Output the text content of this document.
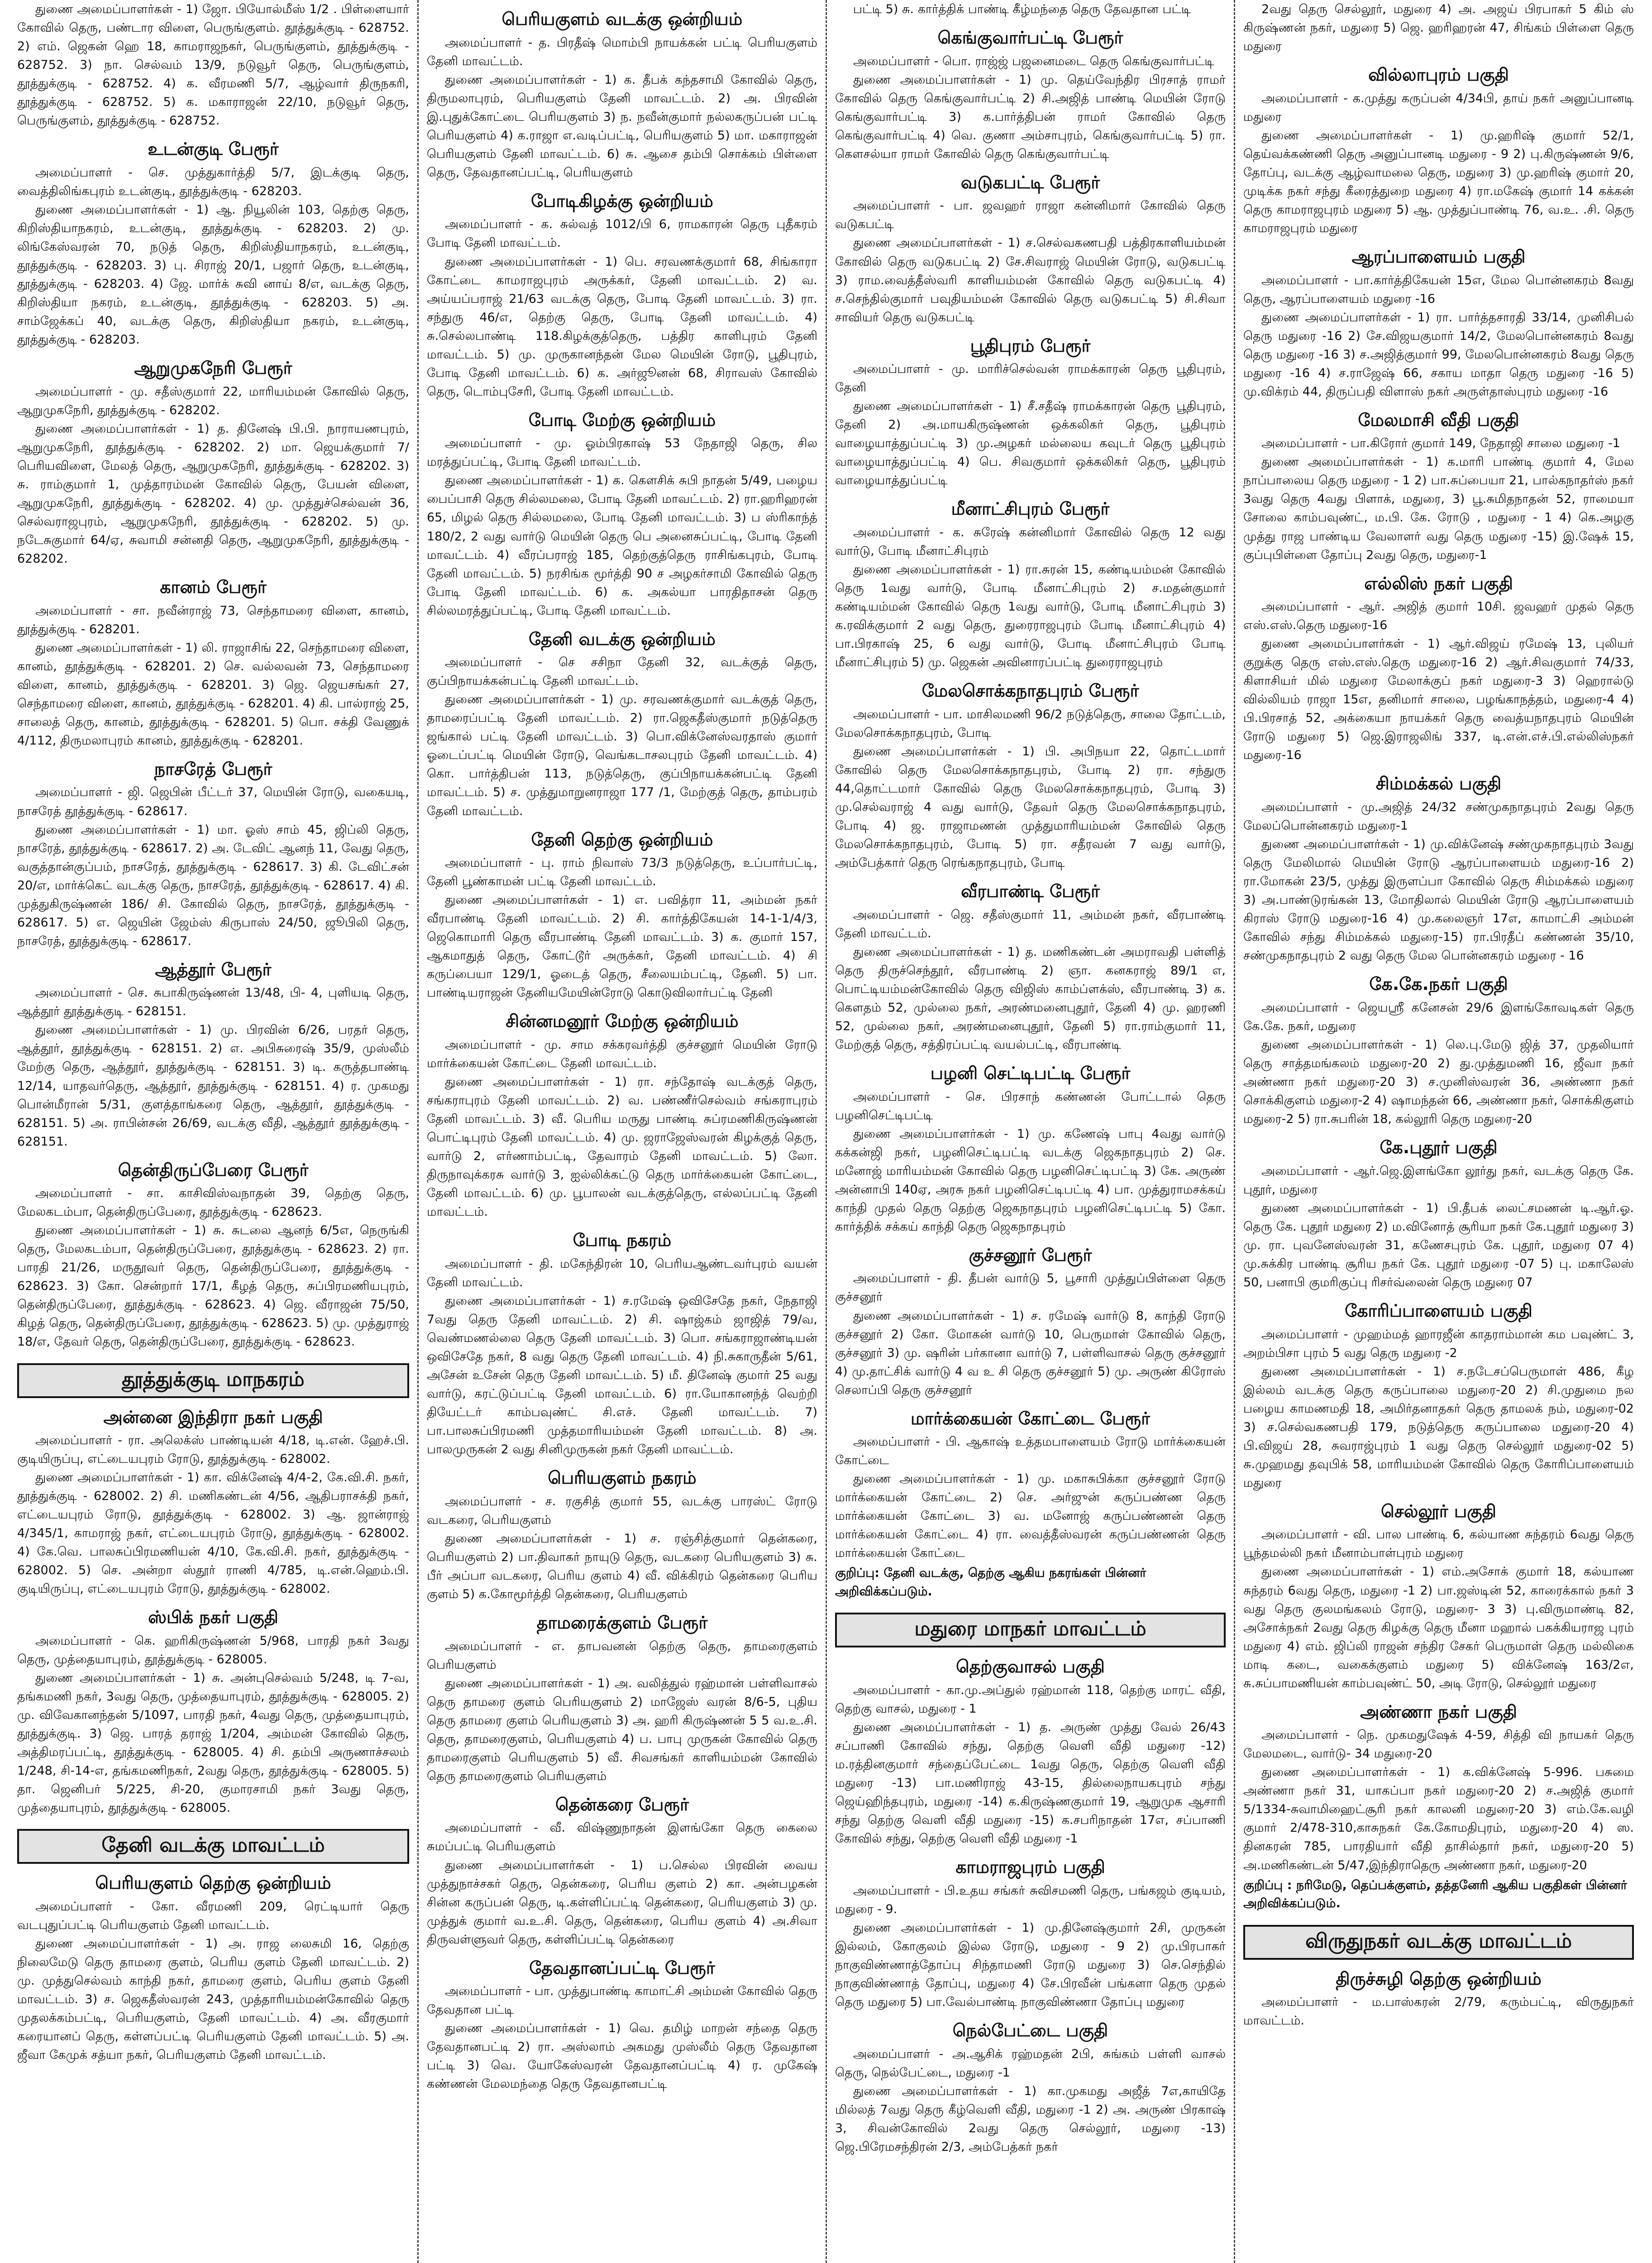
துணை அமைப்பாளர்கள் - 1) ஜோ. பியோல்மீஸ் 1/2 . பிள்ளையார் கோவில் தெரு, பண்டார விளை, பெருங்குளம். தூத்துக்குடி - 628752. 2) எம். ஜெகன் ஹெ 18, காமராஜநகர், பெருங்குளம், தூத்துக்குடி - 628752. 3) நா. செல்வம் 13/9, நடுவூர் தெரு, பெருங்குளம், தூத்துக்குடி - 628752. 4) க. வீரமணி 5/7, ஆழ்வார் திருநகரி, தூத்துக்குடி - 628752. 5) க. மகாராஜன் 22/10, நடுவூர் தெரு, பெருங்குளம், தூத்துக்குடி - 628752.

உடன்குடி பேரூர்

அமைப்பாளர் - செ. முத்துகார்த்தி 5/7, இடக்குடி தெரு, வைத்திலிங்கபுரம் உடன்குடி, தூத்துக்குடி - 628203.

துணை அமைப்பாளர்கள் - 1) ஆ. நியூலின் 103, தெற்கு தெரு, கிறிஸ்தியாநகரம், உடன்குடி, தூத்துக்குடி - 628203. 2) மு. லிங்கேஸ்வரன் 70, நடுத் தெரு, கிறிஸ்தியாநகரம், உடன்குடி, தூத்துக்குடி - 628203. 3) பு. சிராஜ் 20/1, பஜார் தெரு, உடன்குடி, தூத்துக்குடி - 628203. 4) ஜே. மார்க் சுவி னாய் 8/எ, வடக்கு தெரு, கிறிஸ்தியா நகரம், உடன்குடி, தூத்துக்குடி - 628203. 5) அ. சாம்ஜேக்கப் 40, வடக்கு தெரு, கிறிஸ்தியா நகரம், உடன்குடி, தூத்துக்குடி - 628203.

ஆறுமுகநேரி பேரூர்

அமைப்பாளர் - மு. சதீஸ்குமார் 22, மாரியம்மன் கோவில் தெரு, ஆறுமுகநேரி, தூத்துக்குடி - 628202.

துணை அமைப்பாளர்கள் - 1) த. தினேஷ் பி.பி. நாராயணபுரம், ஆறுமுகநேரி, தூத்துக்குடி - 628202. 2) மா. ஜெயக்குமார் 7/பெரியவிளை, மேலத் தெரு, ஆறுமுகநேரி, தூத்துக்குடி - 628202. 3) சு. ராம்குமார் 1, முத்தாரம்மன் கோவில் தெரு, பேயன் விளை, ஆறுமுகநேரி, தூத்துக்குடி - 628202. 4) மு. முத்துச்செல்வன் 36, செல்வராஜபுரம், ஆறுமுகநேரி, தூத்துக்குடி - 628202. 5) மு. நடேசுகுமார் 64/ஏ, சுவாமி சன்னதி தெரு, ஆறுமுகநேரி, தூத்துக்குடி - 628202.

கானம் பேரூர்

அமைப்பாளர் - சா. நவீன்ராஜ் 73, செந்தாமரை விளை, கானம், தூத்துக்குடி - 628201.

துணை அமைப்பாளர்கள் - 1) லி. ராஜாசிங் 22, செந்தாமரை விளை, கானம், தூத்துக்குடி - 628201. 2) செ. வல்லவன் 73, செந்தாமரை விளை, கானம், தூத்துக்குடி - 628201. 3) ஜெ. ஜெயசங்கர் 27, செந்தாமரை விளை, கானம், தூத்துக்குடி - 628201. 4) கி. பால்ராஜ் 25, சாலைத் தெரு, கானம், தூத்துக்குடி - 628201. 5) பொ. சக்தி வேணுக் 4/112, திருமலாபுரம் கானம், தூத்துக்குடி - 628201.

நாசரேத் பேரூர்

அமைப்பாளர் - ஜி. ஜெபின் பீட்டர் 37, மெயின் ரோடு, வகையடி, நாசரேத் தூத்துக்குடி - 628617.

துணை அமைப்பாளர்கள் - 1) மா. ஓஸ் சாம் 45, ஜிப்லி தெரு, நாசரேத், தூத்துக்குடி - 628617. 2) அ. டேவிட் ஆனந் 11, வேது தெரு, வகுத்தான்குப்பம், நாசரேத், தூத்துக்குடி - 628617. 3) கி. டேவிட்சன் 20/எ, மார்க்கெட் வடக்கு தெரு, நாசரேத், தூத்துக்குடி - 628617. 4) கி. முத்துகிருஷ்ணன் 186/ சி. கோவில் தெரு, நாசரேத், தூத்துக்குடி - 628617. 5) எ. ஜெயின் ஜேம்ஸ் கிருபாஸ் 24/50, ஜூபிலி தெரு, நாசரேத், தூத்துக்குடி - 628617.

ஆத்தூர் பேரூர்

அமைப்பாளர் - செ. சுபாகிருஷ்ணன் 13/48, பி- 4, புளியடி தெரு, ஆத்தூர் தூத்துக்குடி - 628151.

துணை அமைப்பாளர்கள் - 1) மு. பிரவின் 6/26, பரதர் தெரு, ஆத்தூர், தூத்துக்குடி - 628151. 2) எ. அபிசுரைஷ் 35/9, முஸ்லீம் மேற்கு தெரு, ஆத்தூர், தூத்துக்குடி - 628151. 3) டி. கருத்தபாண்டி 12/14, யாதவர்தெரு, ஆத்தூர், தூத்துக்குடி - 628151. 4) ர. முகமது பொன்மீரான் 5/31, குளத்தாங்கரை தெரு, ஆத்தூர், தூத்துக்குடி - 628151. 5) அ. ராபின்சன் 26/69, வடக்கு வீதி, ஆத்தூர் தூத்துக்குடி - 628151.

தென்திருப்பேரை பேரூர்

அமைப்பாளர் - சா. காசிவிஸ்வநாதன் 39, தெற்கு தெரு, மேலகடம்பா, தென்திருப்பேரை, தூத்துக்குடி - 628623.

துணை அமைப்பாளர்கள் - 1) சு. சுடலை ஆனந் 6/5எ, நெருங்கி தெரு, மேலகடம்பா, தென்திருப்பேரை, தூத்துக்குடி - 628623. 2) ரா. பாரதி 21/26, மருதூவர் தெரு, தென்திருப்பேரை, தூத்துக்குடி - 628623. 3) கோ. சென்றார் 17/1, கீழத் தெரு, சுப்பிரமணியபுரம், தென்திருப்பேரை, தூத்துக்குடி - 628623. 4) ஜெ. வீராஜன் 75/50, கிழத் தெரு, தென்திருப்பேரை, தூத்துக்குடி - 628623. 5) மு. முத்துராஜ் 18/எ, தேவர் தெரு, தென்திருப்பேரை, தூத்துக்குடி - 628623.

தூத்துக்குடி மாநகரம்
அன்னை இந்திரா நகர் பகுதி

அமைப்பாளர் - ரா. அலெக்ஸ் பாண்டியன் 4/18, டி.என். ஹேச்.பி. குடியிருப்பு, எட்டையபுரம் ரோடு, தூத்துக்குடி - 628002.

துணை அமைப்பாளர்கள் - 1) கா. விக்னேஷ் 4/4-2, கே.வி.சி. நகர், தூத்துக்குடி - 628002. 2) சி. மணிகண்டன் 4/56, ஆதிபராசக்தி நகர், எட்டையபுரம் ரோடு, தூத்துக்குடி - 628002. 3) ஆ. ஜான்ராஜ் 4/345/1, காமராஜ் நகர், எட்டையபுரம் ரோடு, தூத்துக்குடி - 628002. 4) கே.வெ. பாலசுப்பிரமணியன் 4/10, கே.வி.சி. நகர், தூத்துக்குடி - 628002. 5) செ. அன்றா ஸ்தூர் ராணி 4/785, டி.என்.ஹெம்.பி. குடியிருப்பு, எட்டையபுரம் ரோடு, தூத்துக்குடி - 628002.

ஸ்பிக் நகர் பகுதி

அமைப்பாளர் - கெ. ஹரிகிருஷ்ணன் 5/968, பாரதி நகர் 3வது தெரு, முத்தையாபுரம், தூத்துக்குடி - 628005.

துணை அமைப்பாளர்கள் - 1) சு. அன்புசெல்வம் 5/248, டி 7-வ, தங்கமணி நகர், 3வது தெரு, முத்தையாபுரம், தூத்துக்குடி - 628005. 2) மு. விவேகானந்தன் 5/1097, பாரதி நகர், 4வது தெரு, முத்தையாபுரம், தூத்துக்குடி. 3) ஜெ. பாரத் தராஜ் 1/204, அம்மன் கோவில் தெரு, அத்திமரப்பட்டி, தூத்துக்குடி - 628005. 4) சி. தம்பி அருணாச்சலம் 1/248, சி-14-எ, தங்கமணிநகர், 2வது தெரு, தூத்துக்குடி - 628005. 5) தா. ஜெனிபர் 5/225, சி-20, குமாரசாமி நகர் 3வது தெரு, முத்தையாபுரம், தூத்துக்குடி - 628005.

தேனி வடக்கு மாவட்டம்
பெரியகுளம் தெற்கு ஒன்றியம்

அமைப்பாளர் - கோ. வீரமணி 209, ரெட்டியார் தெரு வடபுதுப்பட்டி பெரியகுளம் தேனி மாவட்டம்.

துணை அமைப்பாளர்கள் - 1) அ. ராஜ லைசுமி 16, தெற்கு நிலைமேடு தெரு தாமரை குளம், பெரிய குளம் தேனி மாவட்டம். 2) மு. முத்துசெல்வம் காந்தி நகர், தாமரை குளம், பெரிய குளம் தேனி மாவட்டம். 3) ச. ஜெகதீஸ்வரன் 243, முத்தாரியம்மன்கோவில் தெரு முதலக்கம்பட்டி, பெரியகுளம், தேனி மாவட்டம். 4) அ. வீரகுமார் கரையானப் தெரு, கள்ளப்பட்டி பெரியகுளம் தேனி மாவட்டம். 5) அ. ஜீவா கேமுக் சத்யா நகர், பெரியகுளம் தேனி மாவட்டம்.

பெரியகுளம் வடக்கு ஒன்றியம்

அமைப்பாளர் - த. பிரதீஷ் மொம்பி நாயக்கன் பட்டி பெரியகுளம் தேனி மாவட்டம்.

துணை அமைப்பாளர்கள் - 1) க. தீபக் கந்தசாமி கோவில் தெரு, திருமலாபுரம், பெரியகுளம் தேனி மாவட்டம். 2) அ. பிரவின் இ.புதுக்கோட்டை பெரியகுளம் 3) ந. நவீன்குமார் நல்லகருப்பன் பட்டி பெரியகுளம் 4) க.ராஜா எ.வடிப்பட்டி, பெரியகுளம் 5) மா. மகாராஜன் பெரியகுளம் தேனி மாவட்டம். 6) சு. ஆசை தம்பி சொக்கம் பிள்ளை தெரு, தேவதானப்பட்டி, பெரியகுளம்

போடிகிழக்கு ஒன்றியம்

அமைப்பாளர் - க. சுல்வத் 1012/பி 6, ராமகாரன் தெரு புதீகரம் போடி தேனி மாவட்டம்.

துணை அமைப்பாளர்கள் - 1) பெ. சரவணக்குமார் 68, சிங்காரா கோட்டை காமராஜபுரம் அருக்கர், தேனி மாவட்டம். 2) வ. அய்யப்பராஜ் 21/63 வடக்கு தெரு, போடி தேனி மாவட்டம். 3) ரா. சந்துரு 46/எ, தெற்கு தெரு, போடி தேனி மாவட்டம். 4) சு.செல்லபாண்டி 118.கிழக்குத்தெரு, பத்திர காளிபுரம் தேனி மாவட்டம். 5) மு. முருகானந்தன் மேல மெயின் ரோடு, பூதிபுரம், போடி தேனி மாவட்டம். 6) க. அர்ஜூனன் 68, சிராவஸ் கோவில் தெரு, டொம்புசேரி, போடி தேனி மாவட்டம்.

போடி மேற்கு ஒன்றியம்

அமைப்பாளர் - மு. ஓம்பிரகாஷ் 53 நேதாஜி தெரு, சில மரத்துப்பட்டி, போடி தேனி மாவட்டம்.

துணை அமைப்பாளர்கள் - 1) க. கௌசிக் சுபி நாதன் 5/49, பழைய பைப்பாசி தெரு சில்லமலை, போடி தேனி மாவட்டம். 2) ரா.ஹரிஹரன் 65, மிழல் தெரு சில்லமலை, போடி தேனி மாவட்டம். 3) ப ஸ்ரிகாந்த் 180/2, 2 வது வார்டு மெயின் தெரு பெ அனைசுப்பட்டி, போடி தேனி மாவட்டம். 4) வீரப்பராஜ் 185, தெற்குத்தெரு ராசிங்கபுரம், போடி தேனி மாவட்டம். 5) நரசிங்க மூர்த்தி 90 ச அழகர்சாமி கோவில் தெரு போடி தேனி மாவட்டம். 6) க. அகல்யா பாரதிதாசன் தெரு சில்லமரத்துப்பட்டி, போடி தேனி மாவட்டம்.

தேனி வடக்கு ஒன்றியம்

அமைப்பாளர் - செ சசிநா தேனி 32, வடக்குத் தெரு, குப்பிநாயக்கன்பட்டி தேனி மாவட்டம்.

துணை அமைப்பாளர்கள் - 1) மு. சரவணக்குமார் வடக்குத் தெரு, தாமரைப்பட்டி தேனி மாவட்டம். 2) ரா.ஜெகதீஸ்குமார் நடுத்தெரு ஜங்கால் பட்டி தேனி மாவட்டம். 3) பொ.விக்னேஸ்வரதாஸ் குமார் ஓடைப்பட்டி மெயின் ரோடு, வெங்கடாசலபுரம் தேனி மாவட்டம். 4) கொ. பார்த்திபன் 113, நடுத்தெரு, குப்பிநாயக்கன்பட்டி தேனி மாவட்டம். 5) ச. முத்துமாறுனராஜா 177 /1, மேற்குத் தெரு, தாம்பரம் தேனி மாவட்டம்.

தேனி தெற்கு ஒன்றியம்

அமைப்பாளர் - பு. ராம் நிவாஸ் 73/3 நடுத்தெரு, உப்பார்பட்டி, தேனி பூண்காமன் பட்டி தேனி மாவட்டம்.

துணை அமைப்பாளர்கள் - 1) எ. பவித்ரா 11, அம்மன் நகர் வீரபாண்டி தேனி மாவட்டம். 2) சி. கார்த்திகேயன் 14-1-1/4/3, ஜெகொமாரி தெரு வீரபாண்டி தேனி மாவட்டம். 3) க. குமார் 157, ஆகமாதுத் தெரு, கோட்டூர் அருக்கர், தேனி மாவட்டம். 4) சி கருப்பையா 129/1, ஓடைத் தெரு, சீலையம்பட்டி, தேனி. 5) பா. பாண்டியராஜன் தேனியமேயின்ரோடு கொடுவிலார்பட்டி தேனி

சின்னமனூர் மேற்கு ஒன்றியம்

அமைப்பாளர் - மு. சாம சக்கரவர்த்தி குச்சனூர் மெயின் ரோடு மார்க்கையன் கோட்டை தேனி மாவட்டம்.

துணை அமைப்பாளர்கள் - 1) ரா. சந்தோஷ் வடக்குத் தெரு, சங்கராபுரம் தேனி மாவட்டம். 2) வ. பண்ணீர்செல்வம் சங்கராபுரம் தேனி மாவட்டம். 3) வீ. பெரிய மருது பாண்டி சுப்ரமணிகிருஷ்ணன் பொட்டிபுரம் தேனி மாவட்டம். 4) மு. ஜராஜேஸ்வரன் கிழக்குத் தெரு, வார்டு 2, எர்ணாம்பட்டி, தேவாரம் தேனி மாவட்டம். 5) லோ. திருநாவுக்கரசு வார்டு 3, ஐல்லிக்கட்டு தெரு மார்க்கையன் கோட்டை, தேனி மாவட்டம். 6) மு. பூபாலன் வடக்குத்தெரு, எல்லப்பட்டி தேனி மாவட்டம்.

போடி நகரம்

அமைப்பாளர் - தி. மகேந்திரன் 10, பெரியஆண்டவர்புரம் வயன் தேனி மாவட்டம்.

துணை அமைப்பாளர்கள் - 1) ச.ரமேஷ் ஒவிசேதே நகர், நேதாஜி 7வது தெரு தேனி மாவட்டம். 2) சி. ஷாஜ்கம் ஜாஜித் 79/வ, வெண்மணல்லை தெரு தேனி மாவட்டம். 3) பொ. சங்கராஜாண்டியன் ஒவிசேதே நகர், 8 வது தெரு தேனி மாவட்டம். 4) நி.சுகாருதீன் 5/61, அசேன் உசேன் தெரு தேனி மாவட்டம். 5) மீ. தினேஷ் குமார் 25 வது வார்டு, கரட்டுப்பட்டி தேனி மாவட்டம். 6) ரா.யோகானந்த் வெற்றி தியேட்டர் காம்பவுண்ட் சி.எச். தேனி மாவட்டம். 7) பா.பாலசுப்பிரமணி முத்தமாரியம்மன் தேனி மாவட்டம். 8) அ. பாலமுருகன் 2 வது சினிமுருகன் நகர் தேனி மாவட்டம்.

பெரியகுளம் நகரம்

அமைப்பாளர் - ச. ரகுசித் குமார் 55, வடக்கு பாரஸ்ட் ரோடு வடகரை, பெரியகுளம்

துணை அமைப்பாளர்கள் - 1) ச. ரஞ்சித்குமார் தென்கரை, பெரியகுளம் 2) பா.திவாகர் நாயுடு தெரு, வடகரை பெரியகுளம் 3) சு. பீர் அப்பா வடகரை, பெரிய குளம் 4) வீ. விக்கிரம் தென்கரை பெரிய குளம் 5) க.கோமூர்த்தி தென்கரை, பெரியகுளம்

தாமரைக்குளம் பேரூர்

அமைப்பாளர் - எ. தாபவனன் தெற்கு தெரு, தாமரைகுளம் பெரியகுளம்

துணை அமைப்பாளர்கள் - 1) அ. வலித்துல் ரஹ்மான் பள்ளிவாசல் தெரு தாமரை குளம் பெரியகுளம் 2) மாஜேஸ் வரன் 8/6-5, புதிய தெரு தாமரை குளம் பெரியகுளம் 3) அ. ஹரி கிருஷ்ணன் 5 5 வ.உ.சி. தெரு, தாமரைகுளம், பெரியகுளம் 4) ப. பாபு முருகன் கோவில் தெரு தாமரைகுளம் பெரியகுளம் 5) வீ. சிவசங்கர் காளியம்மன் கோவில் தெரு தாமரைகுளம் பெரியகுளம்

தென்கரை பேரூர்

அமைப்பாளர் - வீ. விஷ்ணுநாதன் இளங்கோ தெரு கைலை சுமப்பட்டி பெரியகுளம்

துணை அமைப்பாளர்கள் - 1) ப.செல்ல பிரவின் வைய முத்துநாச்சகர் தெரு, தென்கரை, பெரிய குளம் 2) கா. அன்பழகன் சின்ன கருப்பன் தெரு, டி.கள்ளிப்பட்டி தென்கரை, பெரியகுளம் 3) மு. முத்துக் குமார் வ.உ.சி. தெரு, தென்கரை, பெரிய குளம் 4) அ.சிவா திருவள்ளுவர் தெரு, கள்ளிப்பட்டி தென்கரை

தேவதானப்பட்டி பேரூர்

அமைப்பாளர் - பா. முத்துபாண்டி காமாட்சி அம்மன் கோவில் தெரு தேவதான பட்டி

துணை அமைப்பாளர்கள் - 1) வெ. தமிழ் மாறன் சந்தை தெரு தேவதானபட்டி 2) ரா. அஸ்லாம் அகமது முஸ்லீம் தெரு தேவதான பட்டி 3) வெ. யோகேஸ்வரன் தேவதானப்பட்டி 4) ர. முகேஷ் கண்ணன் மேலமந்தை தெரு தேவதானபட்டி

பட்டி 5) சு. கார்த்திக் பாண்டி கீழ்மந்தை தெரு தேவதான பட்டி

கெங்குவார்பட்டி பேரூர்

அமைப்பாளர் - பொ. ராஜ்ஜ் பஜனைமடை தெரு கெங்குவார்பட்டி

துணை அமைப்பாளர்கள் - 1) மு. தெய்வேந்திர பிரசாத் ராமர் கோவில் தெரு கெங்குவார்பட்டி 2) சி.அஜித் பாண்டி மெயின் ரோடு கெங்குவார்பட்டி 3) க.பார்த்திபன் ராமர் கோவில் தெரு கெங்குவார்பட்டி 4) வெ. குணா அம்சாபுரம், கெங்குவார்பட்டி 5) ரா. கௌசல்யா ராமர் கோவில் தெரு கெங்குவார்பட்டி

வடுகபட்டி பேரூர்

அமைப்பாளர் - பா. ஜவஹர் ராஜா கன்னிமார் கோவில் தெரு வடுகபட்டி

துணை அமைப்பாளர்கள் - 1) ச.செல்வகணபதி பத்திரகாளியம்மன் கோவில் தெரு வடுகபட்டி 2) சே.சிவராஜ் மெயின் ரோடு, வடுகபட்டி 3) ராம.வைத்தீஸ்வரி காளியம்மன் கோவில் தெரு வடுகபட்டி 4) ச.செந்தில்குமார் பவுதியம்மன் கோவில் தெரு வடுகபட்டி 5) சி.சிவா சாவியர் தெரு வடுகபட்டி

பூதிபுரம் பேரூர்

அமைப்பாளர் - மு. மாரிச்செல்வன் ராமக்காரன் தெரு பூதிபுரம், தேனி

துணை அமைப்பாளர்கள் - 1) சீ.சதீஷ் ராமக்காரன் தெரு பூதிபுரம், தேனி 2) அ.மாயகிருஷ்ணன் ஒக்கலிகர் தெரு, பூதிபுரம் வாழையாத்துப்பட்டி 3) மு.அழகர் மல்லைய கவுடர் தெரு பூதிபுரம் வாழையாத்துப்பட்டி 4) பெ. சிவகுமார் ஒக்கலிகர் தெரு, பூதிபுரம் வாழையாத்துப்பட்டி

மீனாட்சிபுரம் பேரூர்

அமைப்பாளர் - க. சுரேஷ் கன்னிமார் கோவில் தெரு 12 வது வார்டு, போடி மீனாட்சிபுரம்

துணை அமைப்பாளர்கள் - 1) ரா.சுரன் 15, கண்டியம்மன் கோவில் தெரு 1வது வார்டு, போடி மீனாட்சிபுரம் 2) ச.மதன்குமார் கண்டியம்மன் கோவில் தெரு 1வது வார்டு, போடி மீனாட்சிபுரம் 3) க.ரவிக்குமார் 2 வது தெரு, துரைராஜபுரம் போடி மீனாட்சிபுரம் 4) பா.பிரகாஷ் 25, 6 வது வார்டு, போடி மீனாட்சிபுரம் போடி மீனாட்சிபுரம் 5) மு. ஜெகன் அவினாரப்பட்டி துரைராஜபுரம்

மேலசொக்கநாதபுரம் பேரூர்

அமைப்பாளர் - பா. மாசிலமணி 96/2 நடுத்தெரு, சாலை தோட்டம், மேலசொக்கநாதபுரம், போடி

துணை அமைப்பாளர்கள் - 1) பி. அபிநயா 22, தொட்டமார் கோவில் தெரு மேலசொக்கநாதபுரம், போடி 2) ரா. சந்துரு 44,தொட்டமார் கோவில் தெரு மேலசொக்கநாதபுரம், போடி 3) மு.செல்வராஜ் 4 வது வார்டு, தேவர் தெரு மேலசொக்கநாதபுரம், போடி 4) ஜ. ராஜாமணன் முத்துமாரியம்மன் கோவில் தெரு மேலசொக்கநாதபுரம், போடி 5) ரா. சதீரவன் 7 வது வார்டு, அம்பேத்கார் தெரு ரெங்கநாதபுரம், போடி

வீரபாண்டி பேரூர்

அமைப்பாளர் - ஜெ. சதீஸ்குமார் 11, அம்மன் நகர், வீரபாண்டி தேனி மாவட்டம்.

துணை அமைப்பாளர்கள் - 1) த. மணிகண்டன் அமராவதி பள்ளித் தெரு திருச்செந்தூர், வீரபாண்டி 2) ஞா. கனகராஜ் 89/1 எ, பொட்டியம்மன்கோவில் தெரு விஜிஸ் காம்ப்ளக்ஸ், வீரபாண்டி 3) க. கௌதம் 52, முல்லை நகர், அரண்மனைபுதூர், தேனி 4) மு. ஹரணி 52, முல்லை நகர், அரண்மனைபுதூர், தேனி 5) ரா.ராம்குமார் 11, மேற்குத் தெரு, சத்திரப்பட்டி வயல்பட்டி, வீரபாண்டி

பழனி செட்டிபட்டி பேரூர்

அமைப்பாளர் - செ. பிரசாந் கண்ணன் போட்டால் தெரு பழனிசெட்டிபட்டி

துணை அமைப்பாளர்கள் - 1) மு. கணேஷ் பாபு 4வது வார்டு கக்கன்ஜி நகர், பழனிசெட்டிபட்டி வடக்கு ஜெகநாதபுரம் 2) செ. மனோஜ் மாரியம்மன் கோவில் தெரு பழனிசெட்டிபட்டி 3) கே. அருண் அன்னாபி 140ஏ, அரசு நகர் பழனிசெட்டிபட்டி 4) பா. முத்துராமசக்கய் காந்தி முதல் தெரு தெற்கு ஜெகநாதபுரம் பழனிசெட்டிபட்டி 5) கோ. கார்த்திக் சக்கய் காந்தி தெரு ஜெகநாதபுரம்

குச்சனூர் பேரூர்

அமைப்பாளர் - தி. தீபன் வார்டு 5, பூசாரி முத்துப்பிள்ளை தெரு குச்சனூர்

துணை அமைப்பாளர்கள் - 1) ச. ரமேஷ் வார்டு 8, காந்தி ரோடு குச்சனூர் 2) கோ. மோகன் வார்டு 10, பெருமாள் கோவில் தெரு, குச்சனூர் 3) மு. ஷரின் பர்கானா வார்டு 7, பள்ளிவாசல் தெரு குச்சனூர் 4) மு.தாட்சிக் வார்டு 4 வ உ சி தெரு குச்சனூர் 5) மு. அருண் கிரோஸ் செலாப்பி தெரு குச்சனூர்

மார்க்கையன் கோட்டை பேரூர்

அமைப்பாளர் - பி. ஆகாஷ் உத்தமபாளையம் ரோடு மார்க்கையன் கோட்டை

துணை அமைப்பாளர்கள் - 1) மு. மகாசுபிக்கா குச்சனூர் ரோடு மார்க்கையன் கோட்டை 2) செ. அர்ஜுன் கருப்பண்ண தெரு மார்க்கையன் கோட்டை 3) வ. மனோஜ் கருப்பண்ணன் தெரு மார்க்கையன் கோட்டை 4) ரா. வைத்தீஸ்வரன் கருப்பண்ணன் தெரு மார்க்கையன் கோட்டை

குறிப்பு: தேனி வடக்கு, தெற்கு ஆகிய நகரங்கள் பின்னர் அறிவிக்கப்படும்.

மதுரை மாநகர் மாவட்டம்
தெற்குவாசல் பகுதி

அமைப்பாளர் - கா.மு.அப்துல் ரஹ்மான் 118, தெற்கு மாரட் வீதி, தெற்கு வாசல், மதுரை - 1

துணை அமைப்பாளர்கள் - 1) த. அருண் முத்து வேல் 26/43 சப்பாணி கோவில் சந்து, தெற்கு வெளி வீதி மதுரை -12) ம.ரத்தினகுமார் சந்தைப்பேட்டை 1வது தெரு, தெற்கு வெளி வீதி மதுரை -13) பா.மணிராஜ் 43-15, தில்லைநாயகபுரம் சந்து ஜெய்ஹிந்தபுரம், மதுரை -14) க.கிருஷ்ணகுமார் 19, ஆறுமுக ஆசாரி சந்து தெற்கு வெளி வீதி மதுரை -15) க.சபரிநாதன் 17எ, சப்பாணி கோவில் சந்து, தெற்கு வெளி வீதி மதுரை -1

காமராஜபுரம் பகுதி

அமைப்பாளர் - பி.உதய சங்கர் சுவிசமணி தெரு, பங்கஜம் குடியம், மதுரை - 9.

துணை அமைப்பாளர்கள் - 1) மு.தினேஷ்குமார் 2சி, முருகன் இல்லம், கோகுலம் இல்ல ரோடு, மதுரை - 9 2) மு.பிரபாகர் நாகுவிண்ணாத்தோப்பு சிந்தாமணி ரோடு மதுரை 3) செ.செந்தில் நாகுவிண்ணாத் தோப்பு, மதுரை 4) சே.பிரவீன் பங்களா தெரு முதல் தெரு மதுரை 5) பா.வேல்பாண்டி நாகுவிண்ணா தோப்பு மதுரை

நெல்பேட்டை பகுதி

அமைப்பாளர் - அ.ஆசிக் ரஹ்மதன் 2பி, சுங்கம் பள்ளி வாசல் தெரு, நெல்பேட்டை, மதுரை -1

துணை அமைப்பாளர்கள் - 1) கா.முகமது அஜீத் 7எ,காயிதே மில்லத் 7வது தெரு கீழ்வெளி வீதி, மதுரை -1 2) அ. அருண் பிரகாஷ் 3, சிவன்கோவில் 2வது தெரு செல்லூர், மதுரை -13) ஜெ.பிரேமசந்திரன் 2/3, அம்பேத்கர் நகர்

2வது தெரு செல்லூர், மதுரை 4) அ. அஜய் பிரபாகர் 5 கிம் ஸ் கிருஷ்ணன் நகர், மதுரை 5) ஜெ. ஹரிஹரன் 47, சிங்கம் பிள்ளை தெரு மதுரை

வில்லாபுரம் பகுதி

அமைப்பாளர் - க.முத்து கருப்பன் 4/34பி, தாய் நகர் அனுப்பானடி மதுரை

துணை அமைப்பாளர்கள் - 1) மு.ஹரிஷ் குமார் 52/1, தெய்வக்கண்ணி தெரு அனுப்பானடி மதுரை - 9 2) பு.கிருஷ்ணன் 9/6, தோப்பு, வடக்கு ஆழ்வாமலை தெரு, மதுரை 3) மு.ஹரிஷ் குமார் 20, முடிக்க நகர் சந்து கீரைத்துறை மதுரை 4) ரா.மகேஷ் குமார் 14 கக்கன் தெரு காமராஜபுரம் மதுரை 5) ஆ. முத்துப்பாண்டி 76, வ.உ. .சி. தெரு காமராஜபுரம் மதுரை

ஆரப்பாளையம் பகுதி

அமைப்பாளர் - பா.கார்த்திகேயன் 15எ, மேல பொன்னகரம் 8வது தெரு, ஆரப்பாளையம் மதுரை -16

துணை அமைப்பாளர்கள் - 1) ரா. பார்த்தசாரதி 33/14, முனிசிபல் தெரு மதுரை -16 2) சே.விஜயகுமார் 14/2, மேலபொன்னகரம் 8வது தெரு மதுரை -16 3) ச.அஜித்குமார் 99, மேலபொன்னகரம் 8வது தெரு மதுரை -16 4) ச.ராஜேஷ் 66, சகாய மாதா தெரு மதுரை -16 5) மு.விக்ரம் 44, திருப்பதி விளாஸ் நகர் அருள்தாஸ்புரம் மதுரை -16

மேலமாசி வீதி பகுதி

அமைப்பாளர் - பா.கிரோர் குமார் 149, நேதாஜி சாலை மதுரை -1

துணை அமைப்பாளர்கள் - 1) க.மாரி பாண்டி குமார் 4, மேல நாப்பாலைய தெரு மதுரை - 1 2) பா.சுப்பையா 21, பால்கநாதர்ஸ் நகர் 3வது தெரு 4வது பிளாக், மதுரை, 3) பூ.சுமிதநாதன் 52, ராமையா சோலை காம்பவுண்ட், ம.பி. கே. ரோடு , மதுரை - 1 4) கெ.அழகு முத்து ராஜ பாண்டிய வேலாளர் வது தெரு மதுரை -15) இ.ஷேக் 15, குப்புபிள்ளை தோப்பு 2வது தெரு, மதுரை-1

எல்லிஸ் நகர் பகுதி

அமைப்பாளர் - ஆர். அஜித் குமார் 10சி. ஜவஹர் முதல் தெரு எஸ்.எஸ்.தெரு மதுரை-16

துணை அமைப்பாளர்கள் - 1) ஆர்.விஜய் ரமேஷ் 13, புலியர் குறுக்கு தெரு எஸ்.எஸ்.தெரு மதுரை-16 2) ஆர்.சிவகுமார் 74/33, கிளாசியர் மில் மதுரை மேலாக்குப் நகர் மதுரை-3 3) ஹெரால்டு வில்லியம் ராஜா 15எ, தனிமார் சாலை, பழங்காநத்தம், மதுரை-4 4) பி.பிரசாத் 52, அக்கையா நாயக்கர் தெரு வைத்யநாதபுரம் மெயின் ரோடு மதுரை 5) ஜெ.இராஜலிங் 337, டி.என்.எச்.பி.எல்லிஸ்நகர் மதுரை-16

சிம்மக்கல் பகுதி

அமைப்பாளர் - மு.அஜித் 24/32 சண்முகநாதபுரம் 2வது தெரு மேலப்பொன்னகரம் மதுரை-1

துணை அமைப்பாளர்கள் - 1) மு.விக்னேஷ் சண்முகநாதபுரம் 3வது தெரு மேலிமால் மெயின் ரோடு ஆரப்பாளையம் மதுரை-16 2) ரா.மோகன் 23/5, முத்து இருளப்பா கோவில் தெரு சிம்மக்கல் மதுரை 3) அ.பாண்டுரங்கன் 13, மோதிலால் மெயின் ரோடு ஆரப்பாளையம் கிராஸ் ரோடு மதுரை-16 4) மு.கலைஞர் 17எ, காமாட்சி அம்மன் கோவில் சந்து சிம்மக்கல் மதுரை-15) ரா.பிரதீப் கண்ணன் 35/10, சண்முகநாதபுரம் 2 வது தெரு மேல பொன்னகரம் மதுரை - 16

கே.கே.நகர் பகுதி

அமைப்பாளர் - ஜெயஸ்ரீ கனேசன் 29/6 இளங்கோவடிகள் தெரு கே.கே. நகர், மதுரை

துணை அமைப்பாளர்கள் - 1) லெ.பு.மேடு ஜித் 37, முதலியார் தெரு சாத்தமங்கலம் மதுரை-20 2) து.முத்துமணி 16, ஜீவா நகர் அண்ணா நகர் மதுரை-20 3) ச.முனிஸ்வரன் 36, அண்ணா நகர் சொக்கிகுளம் மதுரை-2 4) ஷாமந்தன் 66, அண்ணா நகர், சொக்கிகுளம் மதுரை-2 5) ரா.சுபரின் 18, கல்லூரி தெரு மதுரை-20

கே.புதூர் பகுதி

அமைப்பாளர் - ஆர்.ஜெ.இளங்கோ லூர்து நகர், வடக்கு தெரு கே. புதூர், மதுரை

துணை அமைப்பாளர்கள் - 1) பி.தீபக் லைட்சமணன் டி.ஆர்.ஓ. தெரு கே. புதூர் மதுரை 2) ம.வினோத் சூரியா நகர் கே.புதூர் மதுரை 3) மு. ரா. புவனேஸ்வரன் 31, கணேசபுரம் கே. புதூர், மதுரை 07 4) மு.சுக்கிர பாண்டி சூரிய நகர் கே. புதூர் மதுரை -07 5) பு. மகாலேஸ் 50, பனாபி குமரிகுப்பு ரிசர்வ்லைன் தெரு மதுரை 07

கோரிப்பாளையம் பகுதி

அமைப்பாளர் - முஹம்மத் ஹாரஜீன் காதராம்மான் கம பவுண்ட் 3, அறம்பிசா புரம் 5 வது தெரு மதுரை -2

துணை அமைப்பாளர்கள் - 1) ச.நடேசப்பெருமாள் 486, கீழ இல்லம் வடக்கு தெரு கருப்பாலை மதுரை-20 2) சி.முதுமை நல பழைய காமணமதி 18, அமிர்தனாதகர் தெரு தாமலக் நம், மதுரை-02 3) ச.செல்வகணபதி 179, நடுத்தெரு கருப்பாலை மதுரை-20 4) பி.விஜய் 28, சுவராஜ்புரம் 1 வது தெரு செல்லூர் மதுரை-02 5) சு.முஹமது தவுபிக் 58, மாரியம்மன் கோவில் தெரு கோரிப்பாளையம் மதுரை

செல்லூர் பகுதி

அமைப்பாளர் - வி. பால பாண்டி 6, கல்யாண சுந்தரம் 6வது தெரு பூந்தமல்லி நகர் மீனாம்பாள்புரம் மதுரை

துணை அமைப்பாளர்கள் - 1) எம்.அசோக் குமார் 18, கல்யாண சுந்தரம் 6வது தெரு, மதுரை -1 2) பா.ஜஸ்டின் 52, காரைக்கால் நகர் 3 வது தெரு குலமங்கலம் ரோடு, மதுரை- 3 3) பு.விருமாண்டி 82, அசோக்நகர் 2வது தெரு கிழக்கு தெரு மீனா மஹால் பகக்கியராஜ புரம் மதுரை 4) எம். ஜிப்லி ராஜன் சந்திர சேகர் பெருமாள் தெரு மல்லிகை மாடி கடை, வகைக்குளம் மதுரை 5) விக்னேஷ் 163/2எ, சு.சுப்பாமணியன் காம்பவுண்ட் 50, அடி ரோடு, செல்லூர் மதுரை

அண்ணா நகர் பகுதி

அமைப்பாளர் - நெ. முகமதுஷேக் 4-59, சித்தி வி நாயகர் தெரு மேலமடை, வார்டு- 34 மதுரை-20

துணை அமைப்பாளர்கள் - 1) க.விக்னேஷ் 5-996. பசுமை அண்ணா நகர் 31, யாகப்பா நகர் மதுரை-20 2) ச.அஜித் குமார் 5/1334-சுவாமிஹைட்சூரி நகர் காலனி மதுரை-20 3) எம்.கே.வழி குமார் 2/478-310,காசுநகர் கே.கோமதிபுரம், மதுரை-20 4) ஸ. தினகரன் 785, பாரதியார் வீதி தாசில்தார் நகர், மதுரை-20 5) அ.மணிகண்டன் 5/47,இந்திராதெரு அண்ணா நகர், மதுரை-20

குறிப்பு : நரிமேடு, தெப்பக்குளம், தத்தனேரி ஆகிய பகுதிகள் பின்னர் அறிவிக்கப்படும்.

விருதுநகர் வடக்கு மாவட்டம்
திருச்சுழி தெற்கு ஒன்றியம்

அமைப்பாளர் - ம.பாஸ்கரன் 2/79, கரும்பட்டி, விருதுநகர் மாவட்டம்.
